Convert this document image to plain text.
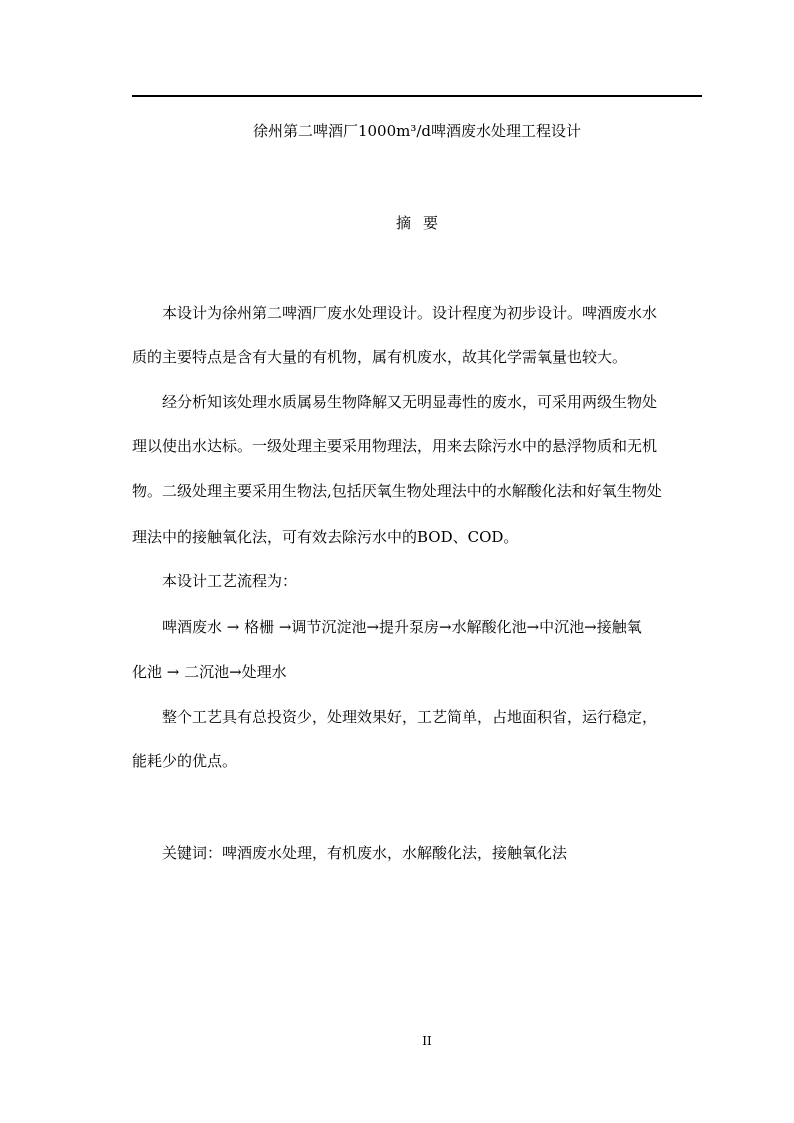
徐州第二啤酒厂1000m³/d啤酒废水处理工程设计
摘要
　　本设计为徐州第二啤酒厂废水处理设计。设计程度为初步设计。啤酒废水水
质的主要特点是含有大量的有机物，属有机废水，故其化学需氧量也较大。
　　经分析知该处理水质属易生物降解又无明显毒性的废水，可采用两级生物处
理以使出水达标。一级处理主要采用物理法，用来去除污水中的悬浮物质和无机
物。二级处理主要采用生物法,包括厌氧生物处理法中的水解酸化法和好氧生物处
理法中的接触氧化法，可有效去除污水中的BOD、COD。
　　本设计工艺流程为：
　　啤酒废水 → 格栅 →调节沉淀池→提升泵房→水解酸化池→中沉池→接触氧
化池 → 二沉池→处理水
　　整个工艺具有总投资少，处理效果好，工艺简单，占地面积省，运行稳定，
能耗少的优点。
　　关键词：啤酒废水处理，有机废水，水解酸化法，接触氧化法
II
